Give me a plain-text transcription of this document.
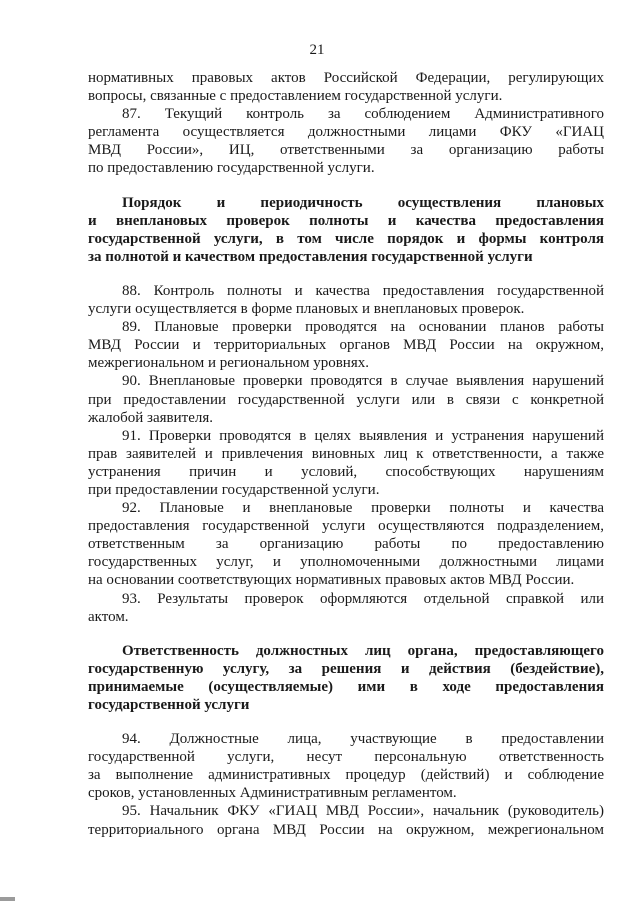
21
нормативных правовых актов Российской Федерации, регулирующих
вопросы, связанные с предоставлением государственной услуги.
87. Текущий контроль за соблюдением Административного
регламента осуществляется должностными лицами ФКУ «ГИАЦ
МВД России», ИЦ, ответственными за организацию работы
по предоставлению государственной услуги.
Порядок и периодичность осуществления плановых
и внеплановых проверок полноты и качества предоставления
государственной услуги, в том числе порядок и формы контроля
за полнотой и качеством предоставления государственной услуги
88. Контроль полноты и качества предоставления государственной
услуги осуществляется в форме плановых и внеплановых проверок.
89. Плановые проверки проводятся на основании планов работы
МВД России и территориальных органов МВД России на окружном,
межрегиональном и региональном уровнях.
90. Внеплановые проверки проводятся в случае выявления нарушений
при предоставлении государственной услуги или в связи с конкретной
жалобой заявителя.
91. Проверки проводятся в целях выявления и устранения нарушений
прав заявителей и привлечения виновных лиц к ответственности, а также
устранения причин и условий, способствующих нарушениям
при предоставлении государственной услуги.
92. Плановые и внеплановые проверки полноты и качества
предоставления государственной услуги осуществляются подразделением,
ответственным за организацию работы по предоставлению
государственных услуг, и уполномоченными должностными лицами
на основании соответствующих нормативных правовых актов МВД России.
93. Результаты проверок оформляются отдельной справкой или
актом.
Ответственность должностных лиц органа, предоставляющего
государственную услугу, за решения и действия (бездействие),
принимаемые (осуществляемые) ими в ходе предоставления
государственной услуги
94. Должностные лица, участвующие в предоставлении
государственной услуги, несут персональную ответственность
за выполнение административных процедур (действий) и соблюдение
сроков, установленных Административным регламентом.
95. Начальник ФКУ «ГИАЦ МВД России», начальник (руководитель)
территориального органа МВД России на окружном, межрегиональном
